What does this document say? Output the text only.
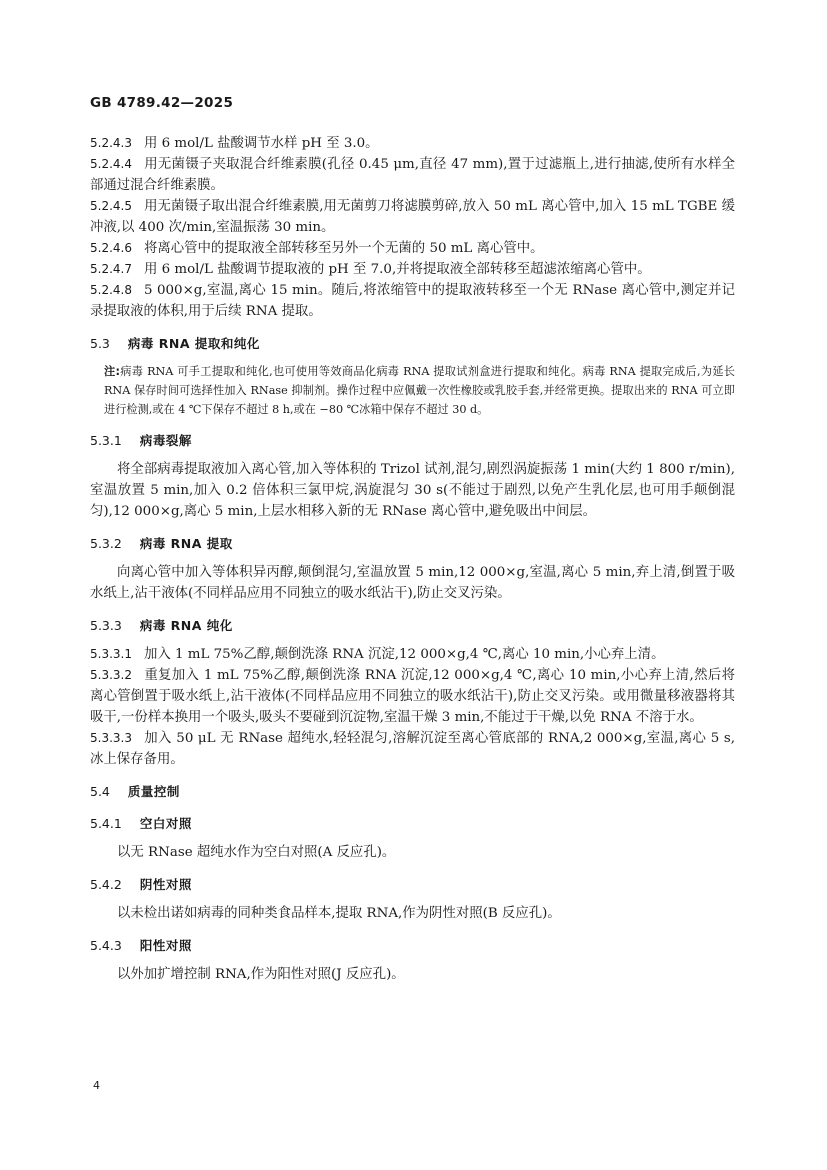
GB 4789.42—2025

5.2.4.3 用 6 mol/L 盐酸调节水样 pH 至 3.0。

5.2.4.4 用无菌镊子夹取混合纤维素膜(孔径 0.45 μm,直径 47 mm),置于过滤瓶上,进行抽滤,使所有水样全部通过混合纤维素膜。

5.2.4.5 用无菌镊子取出混合纤维素膜,用无菌剪刀将滤膜剪碎,放入 50 mL 离心管中,加入 15 mL TGBE 缓冲液,以 400 次/min,室温振荡 30 min。

5.2.4.6 将离心管中的提取液全部转移至另外一个无菌的 50 mL 离心管中。

5.2.4.7 用 6 mol/L 盐酸调节提取液的 pH 至 7.0,并将提取液全部转移至超滤浓缩离心管中。

5.2.4.8 5 000×g,室温,离心 15 min。随后,将浓缩管中的提取液转移至一个无 RNase 离心管中,测定并记录提取液的体积,用于后续 RNA 提取。

5.3 病毒 RNA 提取和纯化

注:病毒 RNA 可手工提取和纯化,也可使用等效商品化病毒 RNA 提取试剂盒进行提取和纯化。病毒 RNA 提取完成后,为延长 RNA 保存时间可选择性加入 RNase 抑制剂。操作过程中应佩戴一次性橡胶或乳胶手套,并经常更换。提取出来的 RNA 可立即进行检测,或在 4 ℃下保存不超过 8 h,或在 −80 ℃冰箱中保存不超过 30 d。

5.3.1 病毒裂解

将全部病毒提取液加入离心管,加入等体积的 Trizol 试剂,混匀,剧烈涡旋振荡 1 min(大约 1 800 r/min),室温放置 5 min,加入 0.2 倍体积三氯甲烷,涡旋混匀 30 s(不能过于剧烈,以免产生乳化层,也可用手颠倒混匀),12 000×g,离心 5 min,上层水相移入新的无 RNase 离心管中,避免吸出中间层。

5.3.2 病毒 RNA 提取

向离心管中加入等体积异丙醇,颠倒混匀,室温放置 5 min,12 000×g,室温,离心 5 min,弃上清,倒置于吸水纸上,沾干液体(不同样品应用不同独立的吸水纸沾干),防止交叉污染。

5.3.3 病毒 RNA 纯化

5.3.3.1 加入 1 mL 75%乙醇,颠倒洗涤 RNA 沉淀,12 000×g,4 ℃,离心 10 min,小心弃上清。

5.3.3.2 重复加入 1 mL 75%乙醇,颠倒洗涤 RNA 沉淀,12 000×g,4 ℃,离心 10 min,小心弃上清,然后将离心管倒置于吸水纸上,沾干液体(不同样品应用不同独立的吸水纸沾干),防止交叉污染。或用微量移液器将其吸干,一份样本换用一个吸头,吸头不要碰到沉淀物,室温干燥 3 min,不能过于干燥,以免 RNA 不溶于水。

5.3.3.3 加入 50 μL 无 RNase 超纯水,轻轻混匀,溶解沉淀至离心管底部的 RNA,2 000×g,室温,离心 5 s,冰上保存备用。

5.4 质量控制

5.4.1 空白对照

以无 RNase 超纯水作为空白对照(A 反应孔)。

5.4.2 阴性对照

以未检出诺如病毒的同种类食品样本,提取 RNA,作为阴性对照(B 反应孔)。

5.4.3 阳性对照

以外加扩增控制 RNA,作为阳性对照(J 反应孔)。

4
